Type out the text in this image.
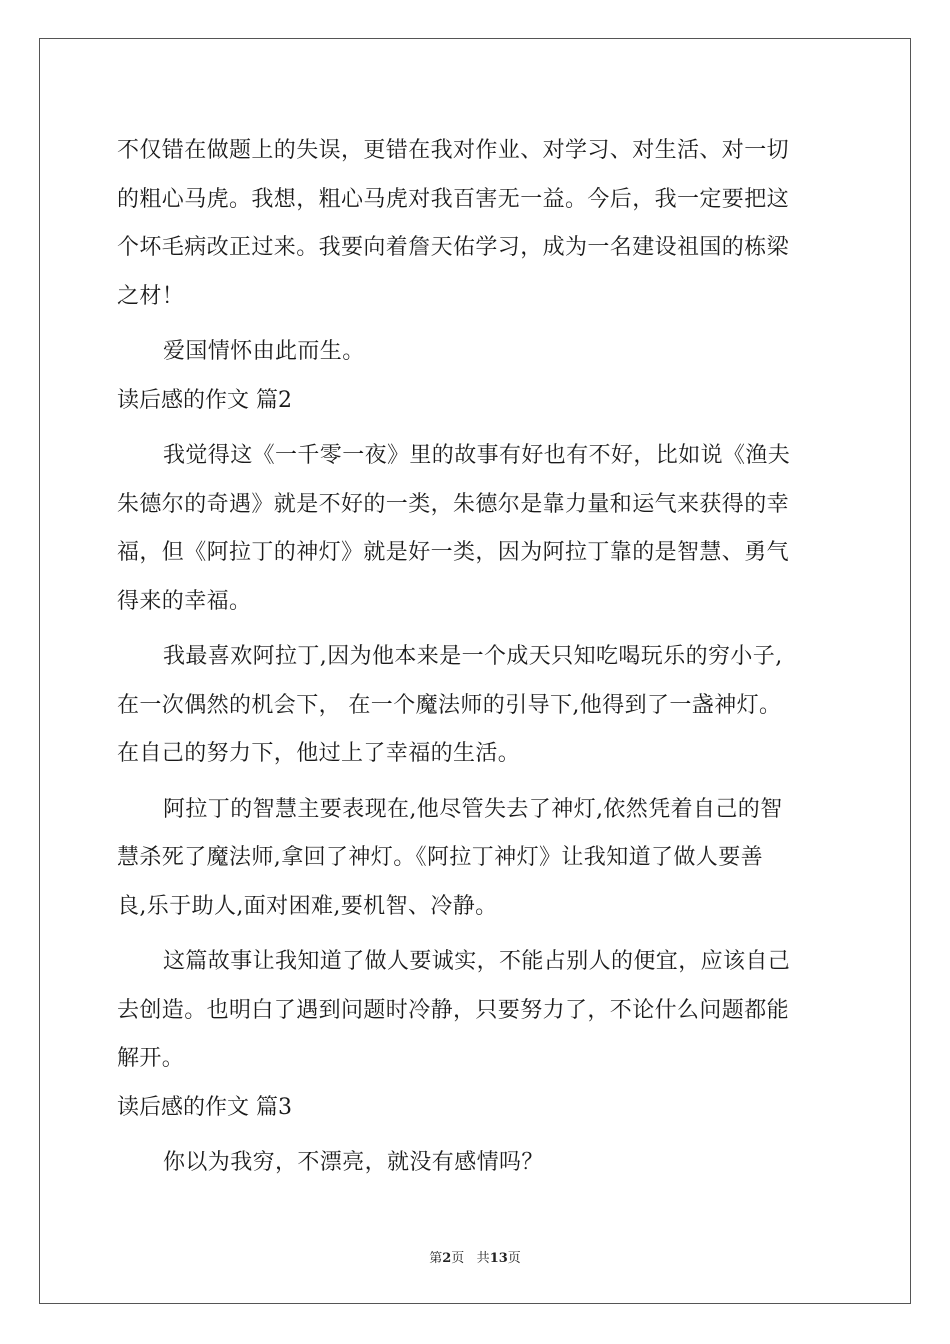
不仅错在做题上的失误，更错在我对作业、对学习、对生活、对一切
的粗心马虎。我想，粗心马虎对我百害无一益。今后，我一定要把这
个坏毛病改正过来。我要向着詹天佑学习，成为一名建设祖国的栋梁
之材！
爱国情怀由此而生。
读后感的作文 篇2
我觉得这《一千零一夜》里的故事有好也有不好，比如说《渔夫
朱德尔的奇遇》就是不好的一类，朱德尔是靠力量和运气来获得的幸
福，但《阿拉丁的神灯》就是好一类，因为阿拉丁靠的是智慧、勇气
得来的幸福。
我最喜欢阿拉丁,因为他本来是一个成天只知吃喝玩乐的穷小子,
在一次偶然的机会下， 在一个魔法师的引导下,他得到了一盏神灯。
在自己的努力下，他过上了幸福的生活。
阿拉丁的智慧主要表现在,他尽管失去了神灯,依然凭着自己的智
慧杀死了魔法师,拿回了神灯。《阿拉丁神灯》让我知道了做人要善
良,乐于助人,面对困难,要机智、冷静。
这篇故事让我知道了做人要诚实，不能占别人的便宜，应该自己
去创造。也明白了遇到问题时冷静，只要努力了，不论什么问题都能
解开。
读后感的作文 篇3
你以为我穷，不漂亮，就没有感情吗？
第2页 共13页
